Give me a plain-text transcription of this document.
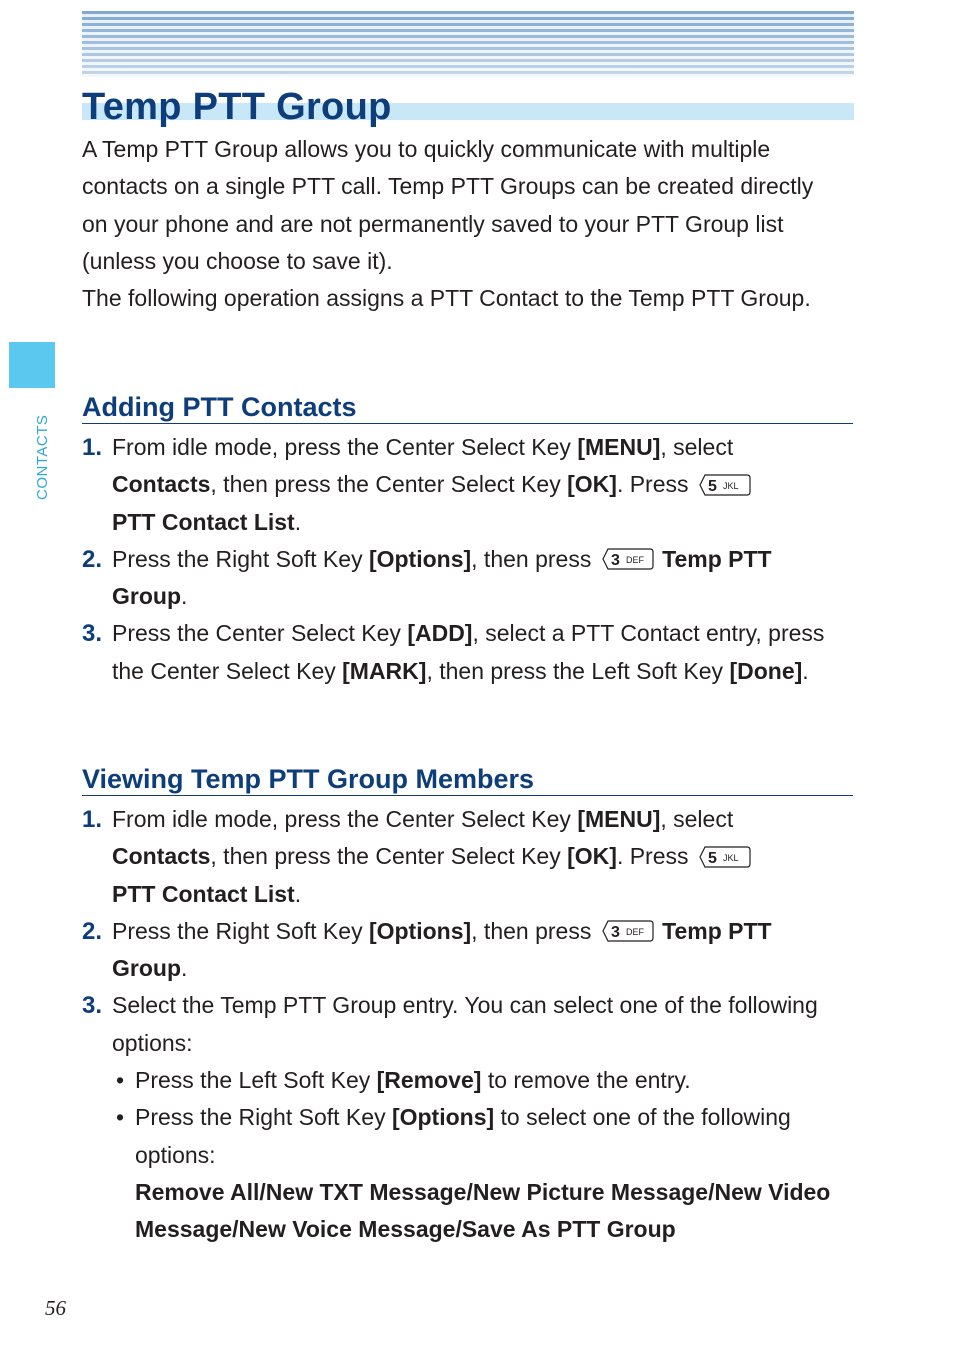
Temp PTT Group
CONTACTS

A Temp PTT Group allows you to quickly communicate with multiple contacts on a single PTT call. Temp PTT Groups can be created directly on your phone and are not permanently saved to your PTT Group list (unless you choose to save it).

The following operation assigns a PTT Contact to the Temp PTT Group.

Adding PTT Contacts
1. From idle mode, press the Center Select Key [MENU], select Contacts, then press the Center Select Key [OK]. Press 5 JKL

PTT Contact List.
2. Press the Right Soft Key [Options], then press 3 DEF Temp PTT Group.
3. Press the Center Select Key [ADD], select a PTT Contact entry, press the Center Select Key [MARK], then press the Left Soft Key [Done].
Viewing Temp PTT Group Members
1. From idle mode, press the Center Select Key [MENU], select Contacts, then press the Center Select Key [OK]. Press 5 JKL

PTT Contact List.
2. Press the Right Soft Key [Options], then press 3 DEF Temp PTT Group.
3. Select the Temp PTT Group entry. You can select one of the following options:
• Press the Left Soft Key [Remove] to remove the entry.
• Press the Right Soft Key [Options] to select one of the following options:
Remove All/New TXT Message/New Picture Message/New Video Message/New Voice Message/Save As PTT Group
56
